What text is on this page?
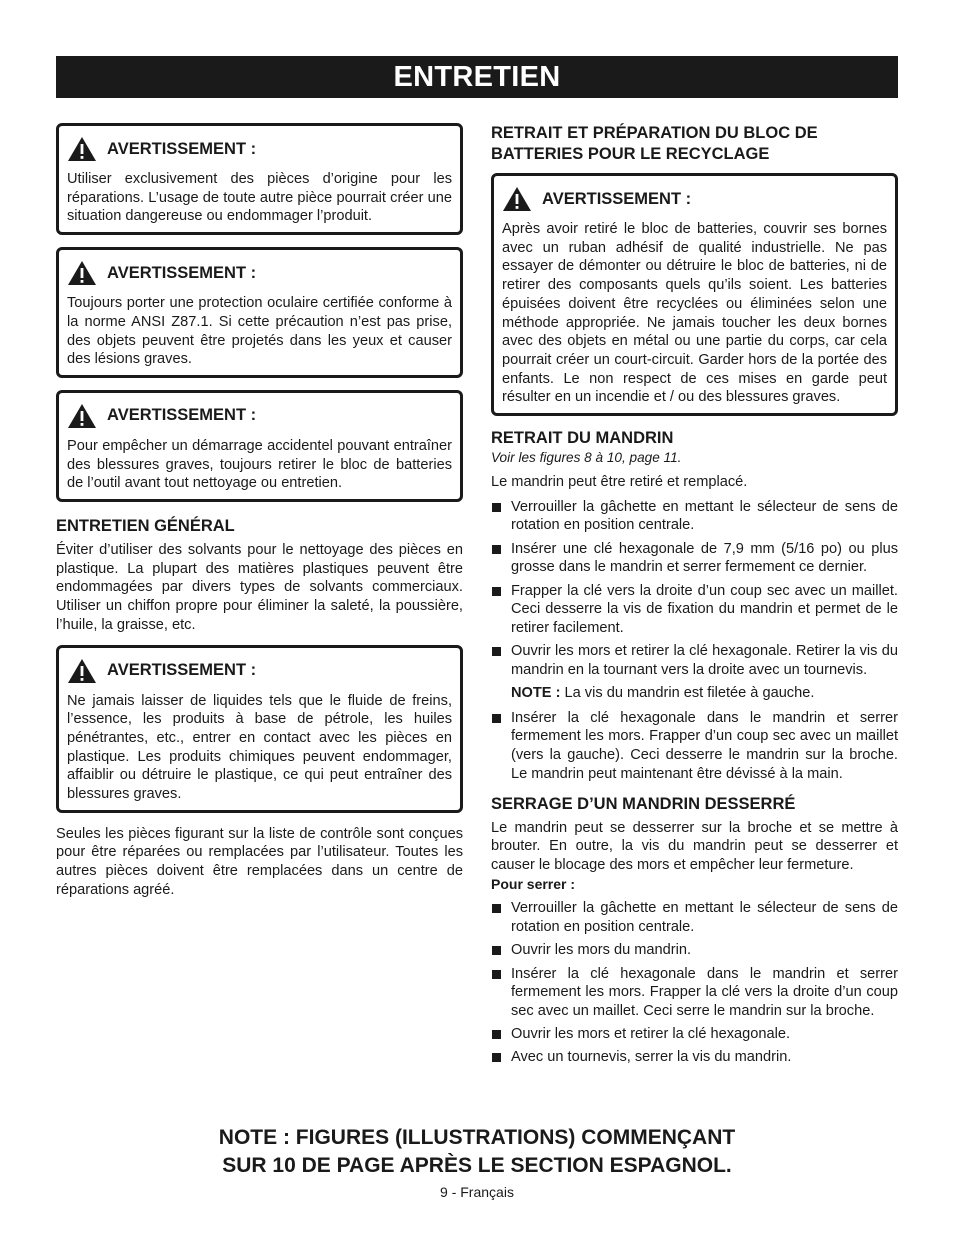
ENTRETIEN
AVERTISSEMENT :
Utiliser exclusivement des pièces d’origine pour les réparations. L’usage de toute autre pièce pourrait créer une situation dangereuse ou endommager l’produit.
AVERTISSEMENT :
Toujours porter une protection oculaire certifiée conforme à la norme ANSI Z87.1. Si cette précaution n’est pas prise, des objets peuvent être projetés dans les yeux et causer des lésions graves.
AVERTISSEMENT :
Pour empêcher un démarrage accidentel pouvant entraîner des blessures graves, toujours retirer le bloc de batteries de l’outil avant tout nettoyage ou entretien.
ENTRETIEN GÉNÉRAL

Éviter d’utiliser des solvants pour le nettoyage des pièces en plastique. La plupart des matières plastiques peuvent être endommagées par divers types de solvants commerciaux. Utiliser un chiffon propre pour éliminer la saleté, la poussière, l’huile, la graisse, etc.

AVERTISSEMENT :
Ne jamais laisser de liquides tels que le fluide de freins, l’essence, les produits à base de pétrole, les huiles pénétrantes, etc., entrer en contact avec les pièces en plastique. Les produits chimiques peuvent endommager, affaiblir ou détruire le plastique, ce qui peut entraîner des blessures graves.

Seules les pièces figurant sur la liste de contrôle sont conçues pour être réparées ou remplacées par l’utilisateur. Toutes les autres pièces doivent être remplacées dans un centre de réparations agréé.

RETRAIT ET PRÉPARATION DU BLOC DE BATTERIES POUR LE RECYCLAGE
AVERTISSEMENT :
Après avoir retiré le bloc de batteries, couvrir ses bornes avec un ruban adhésif de qualité industrielle. Ne pas essayer de démonter ou détruire le bloc de batteries, ni de retirer des composants quels qu’ils soient. Les batteries épuisées doivent être recyclées ou éliminées selon une méthode appropriée. Ne jamais toucher les deux bornes avec des objets en métal ou une partie du corps, car cela pourrait créer un court-circuit. Garder hors de la portée des enfants. Le non respect de ces mises en garde peut résulter en un incendie et / ou des blessures graves.
RETRAIT DU MANDRIN
Voir les figures 8 à 10, page 11.

Le mandrin peut être retiré et remplacé.

Verrouiller la gâchette en mettant le sélecteur de sens de rotation en position centrale.
Insérer une clé hexagonale de 7,9 mm (5/16 po) ou plus grosse dans le mandrin et serrer fermement ce dernier.
Frapper la clé vers la droite d’un coup sec avec un maillet. Ceci desserre la vis de fixation du mandrin et permet de le retirer facilement.
Ouvrir les mors et retirer la clé hexagonale. Retirer la vis du mandrin en la tournant vers la droite avec un tournevis.
NOTE : La vis du mandrin est filetée à gauche.
Insérer la clé hexagonale dans le mandrin et serrer fermement les mors. Frapper d’un coup sec avec un maillet (vers la gauche). Ceci desserre le mandrin sur la broche. Le mandrin peut maintenant être dévissé à la main.
SERRAGE D’UN MANDRIN DESSERRÉ

Le mandrin peut se desserrer sur la broche et se mettre à brouter. En outre, la vis du mandrin peut se desserrer et causer le blocage des mors et empêcher leur fermeture.

Pour serrer :

Verrouiller la gâchette en mettant le sélecteur de sens de rotation en position centrale.
Ouvrir les mors du mandrin.
Insérer la clé hexagonale dans le mandrin et serrer fermement les mors. Frapper la clé vers la droite d’un coup sec avec un maillet. Ceci serre le mandrin sur la broche.
Ouvrir les mors et retirer la clé hexagonale.
Avec un tournevis, serrer la vis du mandrin.
NOTE : FIGURES (ILLUSTRATIONS) COMMENÇANT
SUR 10 DE PAGE APRÈS LE SECTION ESPAGNOL.
9 - Français
